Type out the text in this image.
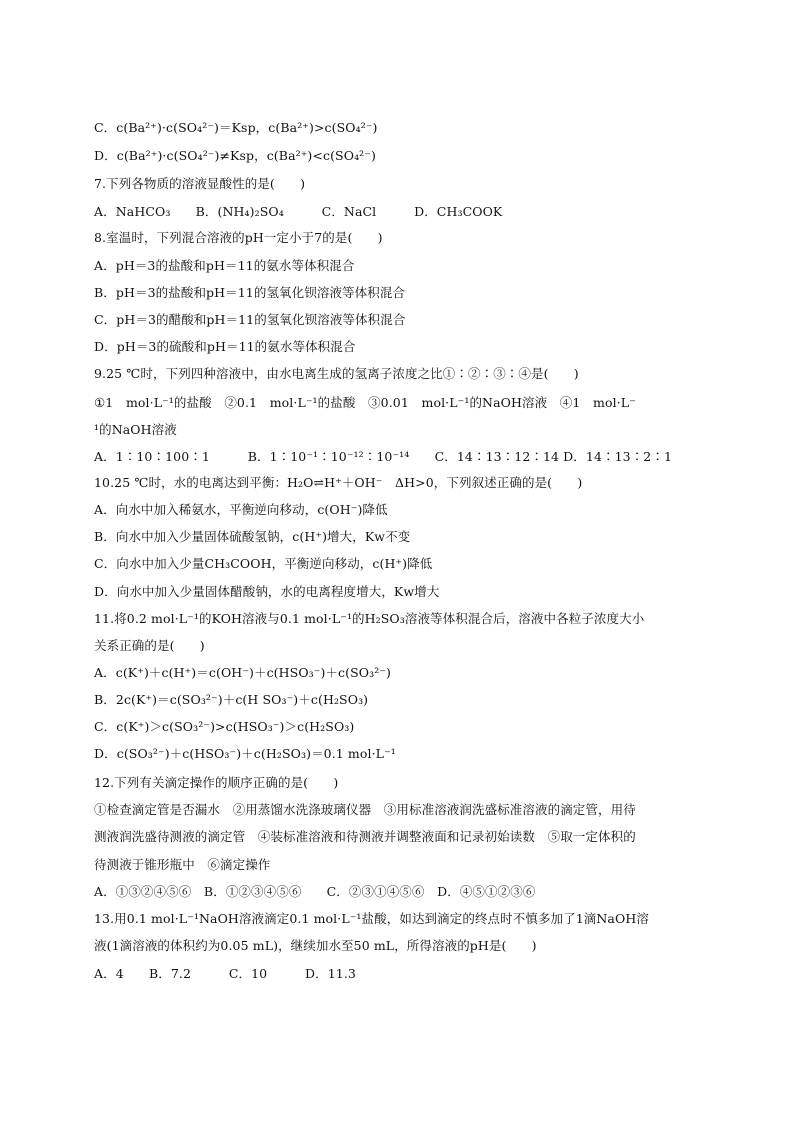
C．c(Ba²⁺)·c(SO₄²⁻)＝Ksp，c(Ba²⁺)>c(SO₄²⁻)
D．c(Ba²⁺)·c(SO₄²⁻)≠Ksp，c(Ba²⁺)<c(SO₄²⁻)
7.下列各物质的溶液显酸性的是(　　)
A．NaHCO₃　　B．(NH₄)₂SO₄　　　C．NaCl　　　D．CH₃COOK
8.室温时，下列混合溶液的pH一定小于7的是(　　)
A．pH＝3的盐酸和pH＝11的氨水等体积混合
B．pH＝3的盐酸和pH＝11的氢氧化钡溶液等体积混合
C．pH＝3的醋酸和pH＝11的氢氧化钡溶液等体积混合
D．pH＝3的硫酸和pH＝11的氨水等体积混合
9.25 ℃时，下列四种溶液中，由水电离生成的氢离子浓度之比①∶②∶③∶④是(　　)
①1　mol·L⁻¹的盐酸　②0.1　mol·L⁻¹的盐酸　③0.01　mol·L⁻¹的NaOH溶液　④1　mol·L⁻
¹的NaOH溶液
A．1∶10∶100∶1　　　B．1∶10⁻¹∶10⁻¹²∶10⁻¹⁴　　C．14∶13∶12∶14 D．14∶13∶2∶1
10.25 ℃时，水的电离达到平衡：H₂O⇌H⁺＋OH⁻　ΔH>0，下列叙述正确的是(　　)
A．向水中加入稀氨水，平衡逆向移动，c(OH⁻)降低
B．向水中加入少量固体硫酸氢钠，c(H⁺)增大，Kw不变
C．向水中加入少量CH₃COOH，平衡逆向移动，c(H⁺)降低
D．向水中加入少量固体醋酸钠，水的电离程度增大，Kw增大
11.将0.2 mol·L⁻¹的KOH溶液与0.1 mol·L⁻¹的H₂SO₃溶液等体积混合后，溶液中各粒子浓度大小
关系正确的是(　　)
A．c(K⁺)＋c(H⁺)＝c(OH⁻)＋c(HSO₃⁻)＋c(SO₃²⁻)
B．2c(K⁺)＝c(SO₃²⁻)＋c(H SO₃⁻)＋c(H₂SO₃)
C．c(K⁺)＞c(SO₃²⁻)>c(HSO₃⁻)＞c(H₂SO₃)
D．c(SO₃²⁻)＋c(HSO₃⁻)＋c(H₂SO₃)＝0.1 mol·L⁻¹
12.下列有关滴定操作的顺序正确的是(　　)
①检查滴定管是否漏水　②用蒸馏水洗涤玻璃仪器　③用标准溶液润洗盛标准溶液的滴定管，用待
测液润洗盛待测液的滴定管　④装标准溶液和待测液并调整液面和记录初始读数　⑤取一定体积的
待测液于锥形瓶中　⑥滴定操作
A．①③②④⑤⑥　B．①②③④⑤⑥　　C．②③①④⑤⑥　D．④⑤①②③⑥
13.用0.1 mol·L⁻¹NaOH溶液滴定0.1 mol·L⁻¹盐酸，如达到滴定的终点时不慎多加了1滴NaOH溶
液(1滴溶液的体积约为0.05 mL)，继续加水至50 mL，所得溶液的pH是(　　)
A．4　　B．7.2　　　C．10　　　D．11.3
